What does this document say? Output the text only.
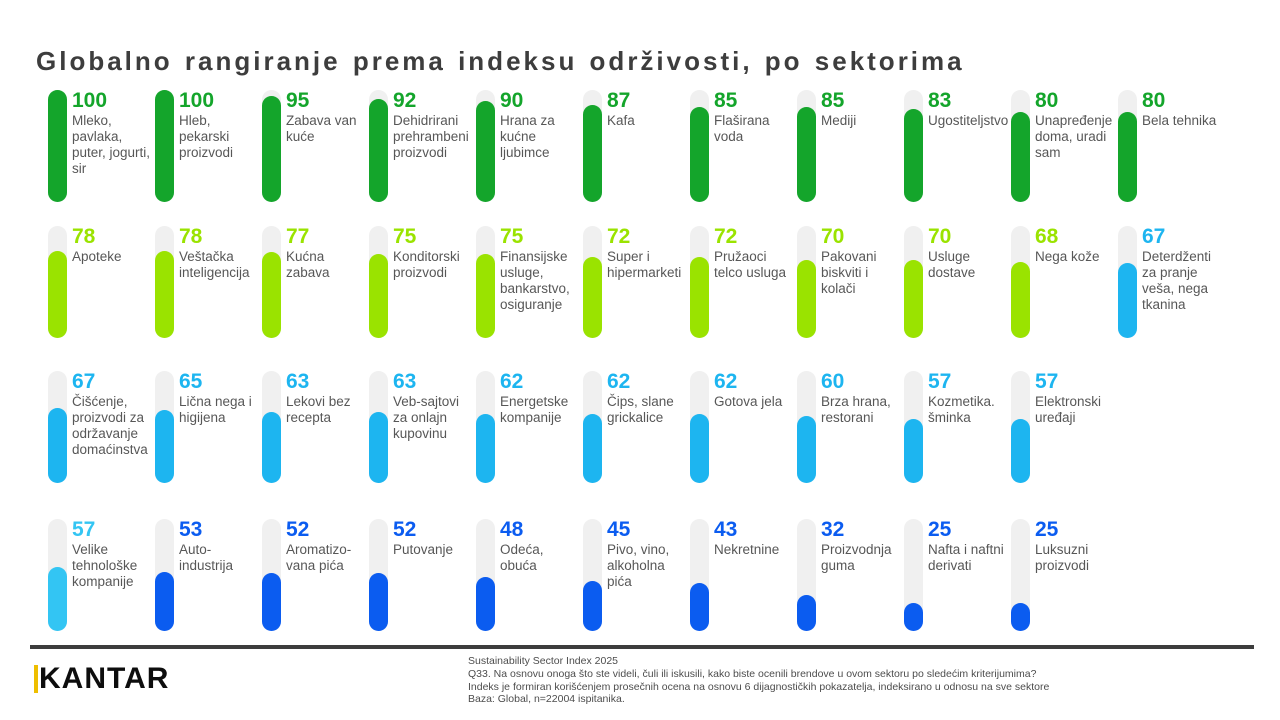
Globalno rangiranje prema indeksu održivosti, po sektorima
100
Mleko, pavlaka, puter, jogurti, sir
100
Hleb, pekarski proizvodi
95
Zabava van kuće
92
Dehidrirani prehrambeni proizvodi
90
Hrana za kućne ljubimce
87
Kafa
85
Flaširana voda
85
Mediji
83
Ugostiteljstvo
80
Unapređenje doma, uradi sam
80
Bela tehnika
78
Apoteke
78
Veštačka inteligencija
77
Kućna zabava
75
Konditorski proizvodi
75
Finansijske usluge, bankarstvo, osiguranje
72
Super i hipermarketi
72
Pružaoci telco usluga
70
Pakovani biskviti i kolači
70
Usluge dostave
68
Nega kože
67
Deterdženti za pranje veša, nega tkanina
67
Čišćenje, proizvodi za održavanje domaćinstva
65
Lična nega i higijena
63
Lekovi bez recepta
63
Veb-sajtovi za onlajn kupovinu
62
Energetske kompanije
62
Čips, slane grickalice
62
Gotova jela
60
Brza hrana, restorani
57
Kozmetika. šminka
57
Elektronski uređaji
57
Velike tehnološke kompanije
53
Auto-industrija
52
Aromatizo-vana pića
52
Putovanje
48
Odeća, obuća
45
Pivo, vino, alkoholna pića
43
Nekretnine
32
Proizvodnja guma
25
Nafta i naftni derivati
25
Luksuzni proizvodi
KANTAR
Sustainability Sector Index 2025
Q33. Na osnovu onoga što ste videli, čuli ili iskusili, kako biste ocenili brendove u ovom sektoru po sledećim kriterijumima?
Indeks je formiran korišćenjem prosečnih ocena na osnovu 6 dijagnostičkih pokazatelja, indeksirano u odnosu na sve sektore
Baza: Global, n=22004 ispitanika.
